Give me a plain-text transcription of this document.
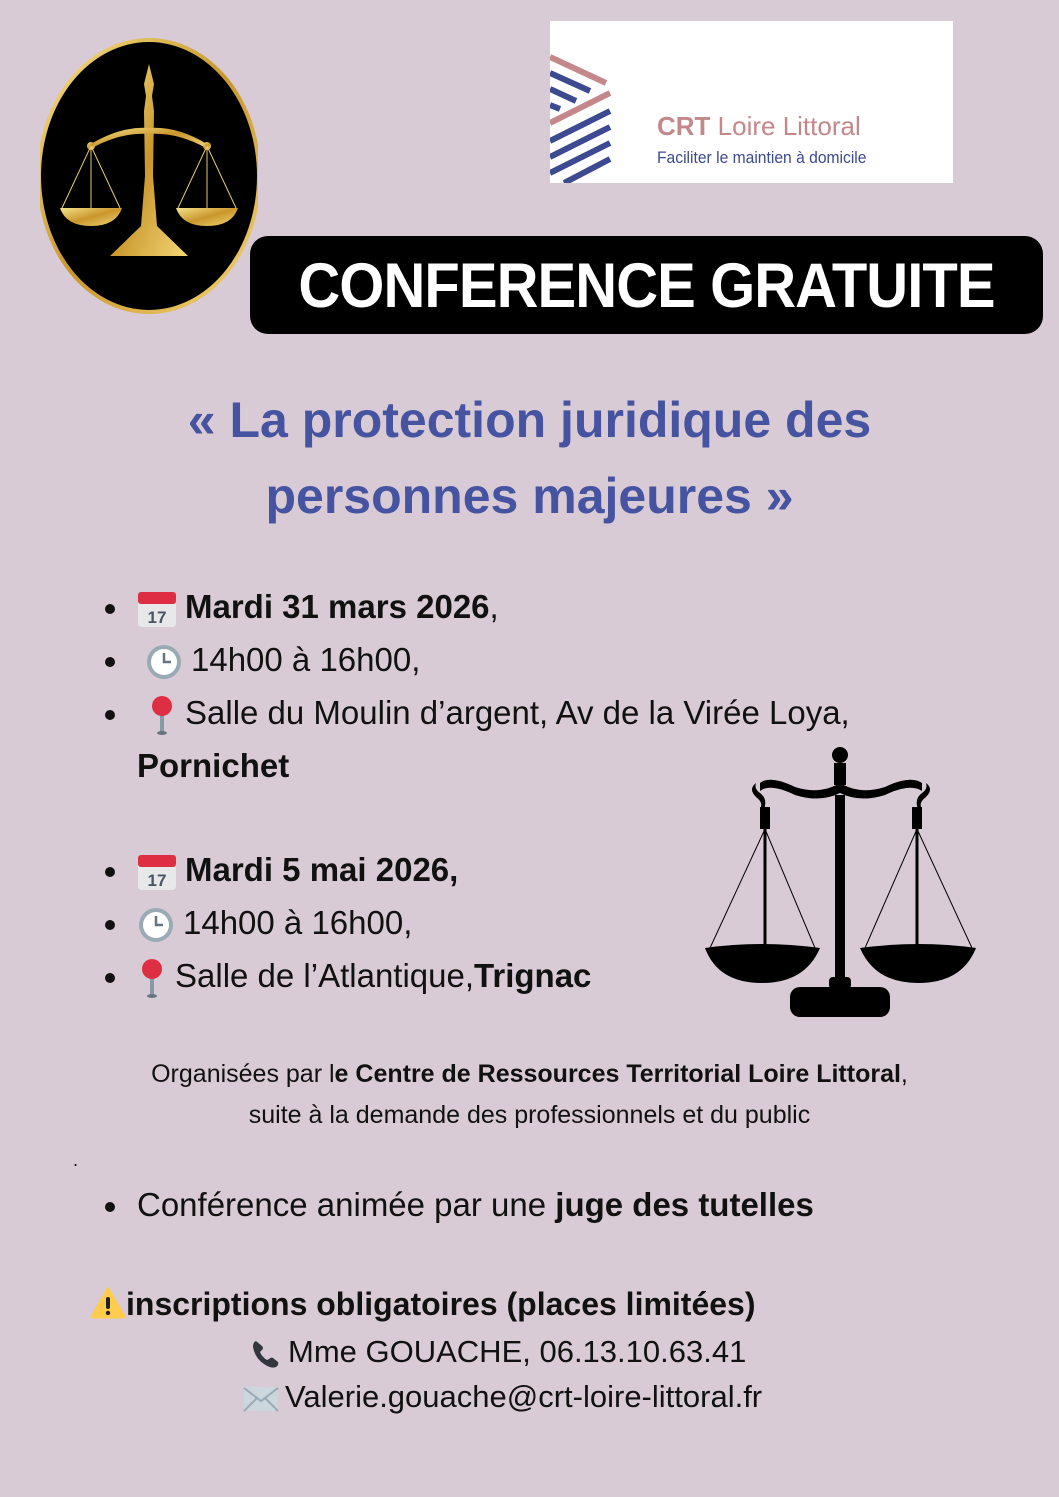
CRT Loire Littoral
Faciliter le maintien à domicile
CONFERENCE GRATUITE
« La protection juridique des
personnes majeures »
17 Mardi 31 mars 2026,
14h00 à 16h00,
Salle du Moulin d’argent, Av de la Virée Loya,
Pornichet
17 Mardi 5 mai 2026,
14h00 à 16h00,
Salle de l’Atlantique,Trignac
Organisées par le Centre de Ressources Territorial Loire Littoral,
suite à la demande des professionnels et du public
.
Conférence animée par une juge des tutelles
inscriptions obligatoires (places limitées)
Mme GOUACHE, 06.13.10.63.41
Valerie.gouache@crt-loire-littoral.fr
